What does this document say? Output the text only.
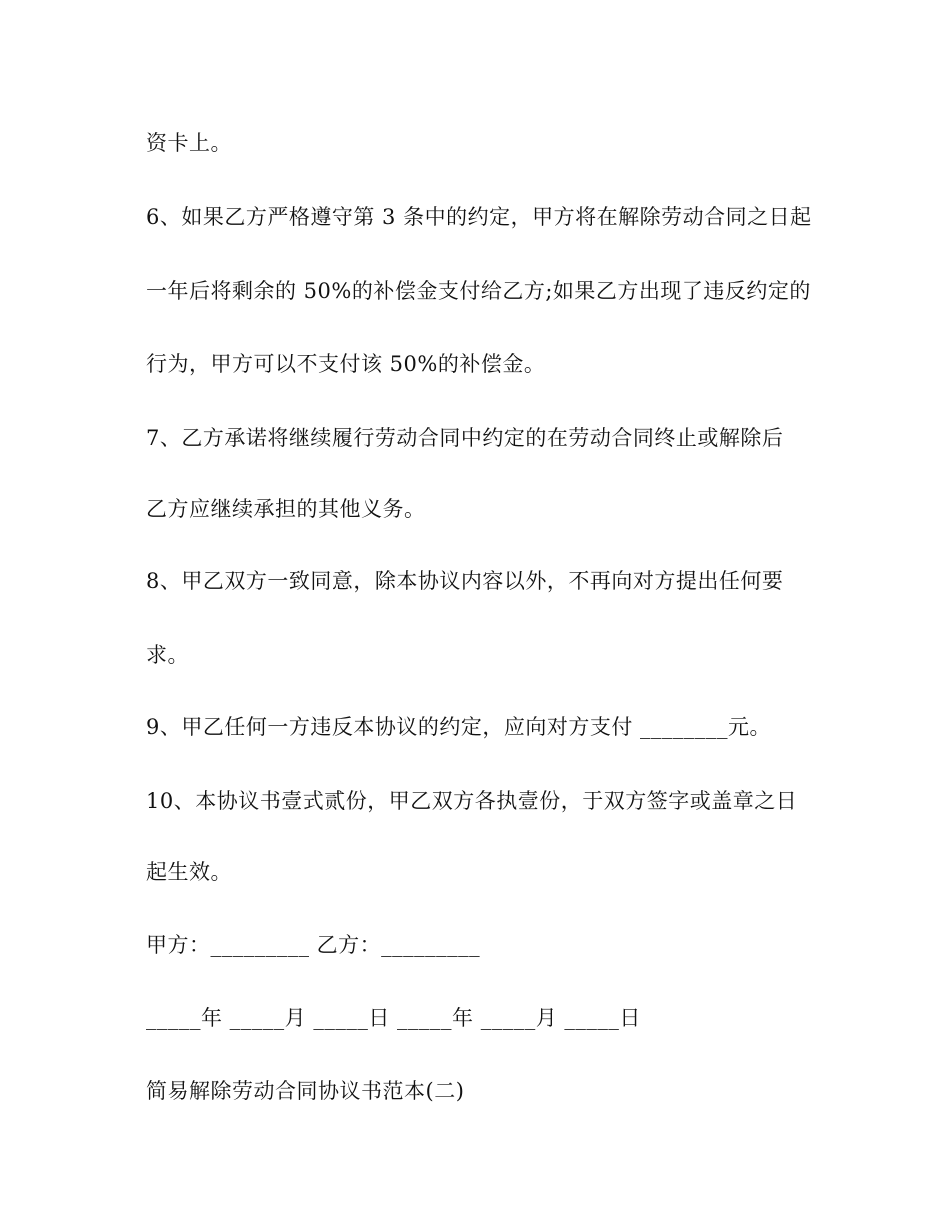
资卡上。
6、如果乙方严格遵守第 3 条中的约定，甲方将在解除劳动合同之日起
一年后将剩余的 50%的补偿金支付给乙方;如果乙方出现了违反约定的
行为，甲方可以不支付该 50%的补偿金。
7、乙方承诺将继续履行劳动合同中约定的在劳动合同终止或解除后
乙方应继续承担的其他义务。
8、甲乙双方一致同意，除本协议内容以外，不再向对方提出任何要
求。
9、甲乙任何一方违反本协议的约定，应向对方支付 ________元。
10、本协议书壹式贰份，甲乙双方各执壹份，于双方签字或盖章之日
起生效。
甲方：_________ 乙方：_________
_____年 _____月 _____日 _____年 _____月 _____日
简易解除劳动合同协议书范本(二)
